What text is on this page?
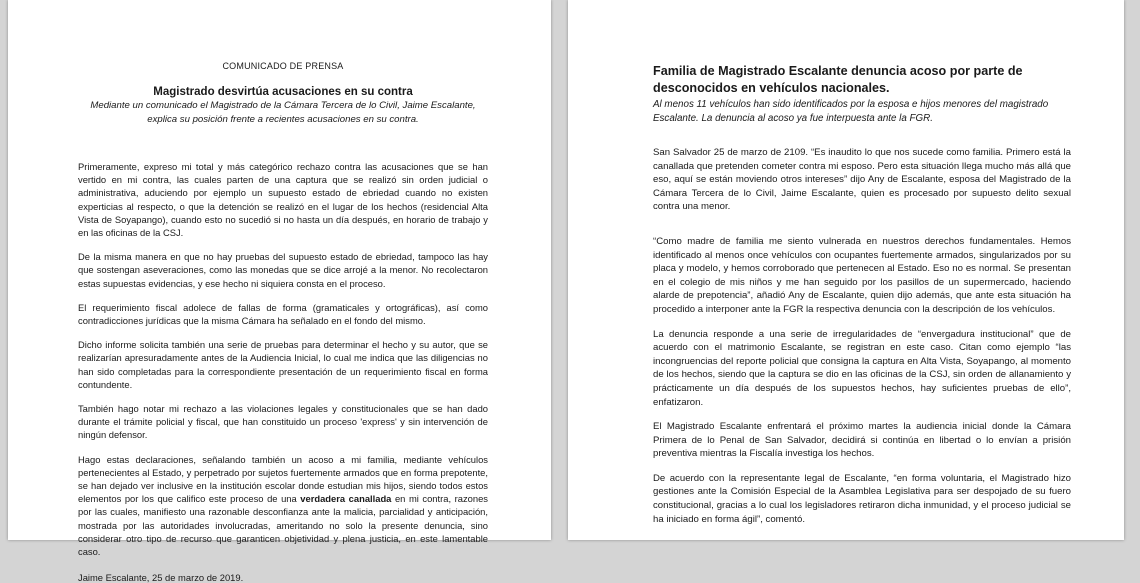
COMUNICADO DE PRENSA
Magistrado desvirtúa acusaciones en su contra
Mediante un comunicado el Magistrado de la Cámara Tercera de lo Civil, Jaime Escalante, explica su posición frente a recientes acusaciones en su contra.

Primeramente, expreso mi total y más categórico rechazo contra las acusaciones que se han vertido en mi contra, las cuales parten de una captura que se realizó sin orden judicial o administrativa, aduciendo por ejemplo un supuesto estado de ebriedad cuando no existen experticias al respecto, o que la detención se realizó en el lugar de los hechos (residencial Alta Vista de Soyapango), cuando esto no sucedió si no hasta un día después, en horario de trabajo y en las oficinas de la CSJ.

De la misma manera en que no hay pruebas del supuesto estado de ebriedad, tampoco las hay que sostengan aseveraciones, como las monedas que se dice arrojé a la menor. No recolectaron estas supuestas evidencias, y ese hecho ni siquiera consta en el proceso.

El requerimiento fiscal adolece de fallas de forma (gramaticales y ortográficas), así como contradicciones jurídicas que la misma Cámara ha señalado en el fondo del mismo.

Dicho informe solicita también una serie de pruebas para determinar el hecho y su autor, que se realizarían apresuradamente antes de la Audiencia Inicial, lo cual me indica que las diligencias no han sido completadas para la correspondiente presentación de un requerimiento fiscal en forma contundente.

También hago notar mi rechazo a las violaciones legales y constitucionales que se han dado durante el trámite policial y fiscal, que han constituido un proceso 'express' y sin intervención de ningún defensor.

Hago estas declaraciones, señalando también un acoso a mi familia, mediante vehículos pertenecientes al Estado, y perpetrado por sujetos fuertemente armados que en forma prepotente, se han dejado ver inclusive en la institución escolar donde estudian mis hijos, siendo todos estos elementos por los que califico este proceso de una verdadera canallada en mi contra, razones por las cuales, manifiesto una razonable desconfianza ante la malicia, parcialidad y anticipación, mostrada por las autoridades involucradas, ameritando no solo la presente denuncia, sino considerar otro tipo de recurso que garanticen objetividad y plena justicia, en este lamentable caso.

Jaime Escalante, 25 de marzo de 2019.
Familia de Magistrado Escalante denuncia acoso por parte de desconocidos en vehículos nacionales.
Al menos 11 vehículos han sido identificados por la esposa e hijos menores del magistrado Escalante. La denuncia al acoso ya fue interpuesta ante la FGR.

San Salvador 25 de marzo de 2109. “Es inaudito lo que nos sucede como familia. Primero está la canallada que pretenden cometer contra mi esposo. Pero esta situación llega mucho más allá que eso, aquí se están moviendo otros intereses” dijo Any de Escalante, esposa del Magistrado de la Cámara Tercera de lo Civil, Jaime Escalante, quien es procesado por supuesto delito sexual contra una menor.

“Como madre de familia me siento vulnerada en nuestros derechos fundamentales. Hemos identificado al menos once vehículos con ocupantes fuertemente armados, singularizados por su placa y modelo, y hemos corroborado que pertenecen al Estado. Eso no es normal. Se presentan en el colegio de mis niños y me han seguido por los pasillos de un supermercado, haciendo alarde de prepotencia”, añadió Any de Escalante, quien dijo además, que ante esta situación ha procedido a interponer ante la FGR la respectiva denuncia con la descripción de los vehículos.

La denuncia responde a una serie de irregularidades de “envergadura institucional” que de acuerdo con el matrimonio Escalante, se registran en este caso. Citan como ejemplo “las incongruencias del reporte policial que consigna la captura en Alta Vista, Soyapango, al momento de los hechos, siendo que la captura se dio en las oficinas de la CSJ, sin orden de allanamiento y prácticamente un día después de los supuestos hechos, hay suficientes pruebas de ello”, enfatizaron.

El Magistrado Escalante enfrentará el próximo martes la audiencia inicial donde la Cámara Primera de lo Penal de San Salvador, decidirá si continúa en libertad o lo envían a prisión preventiva mientras la Fiscalía investiga los hechos.

De acuerdo con la representante legal de Escalante, “en forma voluntaria, el Magistrado hizo gestiones ante la Comisión Especial de la Asamblea Legislativa para ser despojado de su fuero constitucional, gracias a lo cual los legisladores retiraron dicha inmunidad, y el proceso judicial se ha iniciado en forma ágil”, comentó.
